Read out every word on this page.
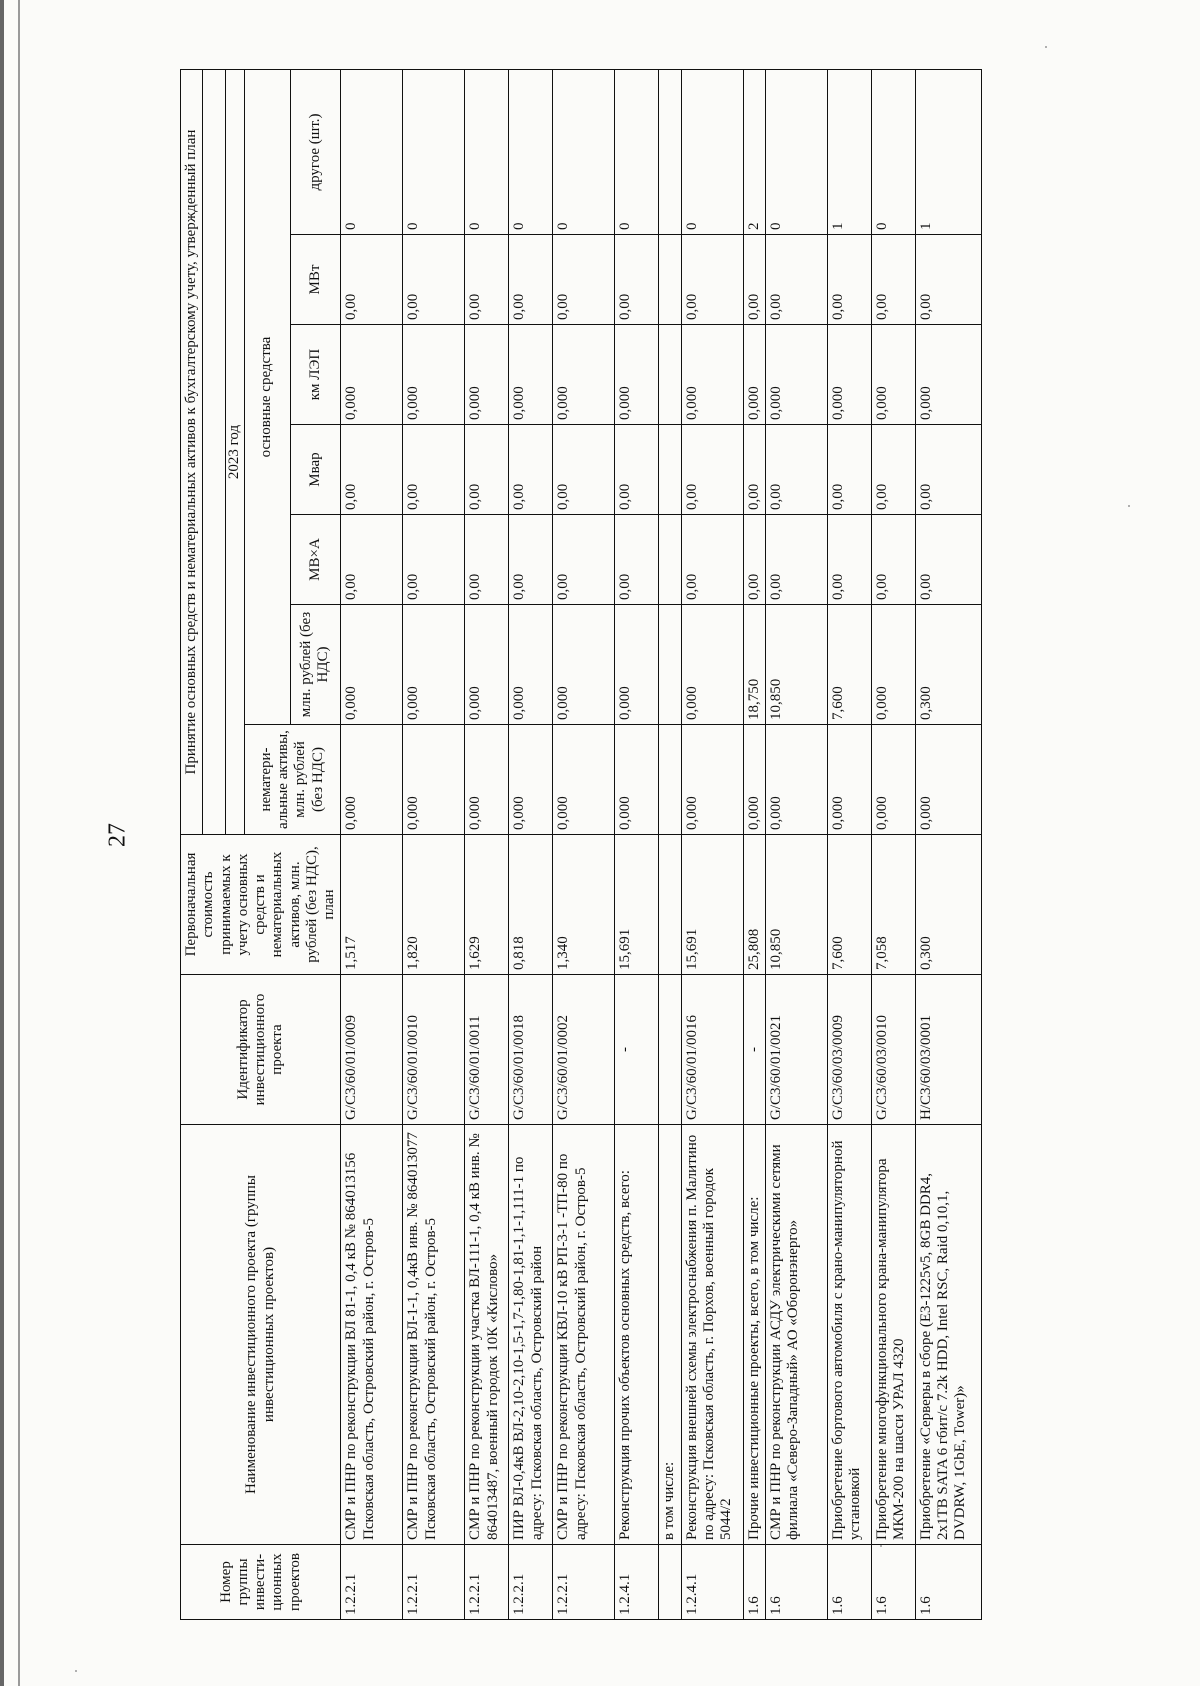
27
Номер группы инвести-ционных проектов	Наименование инвестиционного проекта (группы инвестиционных проектов)	Идентификатор инвестиционного проекта	Первоначальная стоимость принимаемых к учету основных средств и нематериальных активов, млн. рублей (без НДС), план	Принятие основных средств и нематериальных активов к бухгалтерскому учету, утвержденный план						

				2023 год						
				нематери-альные активы, млн. рублей (без НДС)	основные средства					
					млн. рублей (без НДС)	МВ×А	Мвар	км ЛЭП	МВт	другое (шт.)
1.2.2.1	СМР и ПНР по реконструкции ВЛ 81-1, 0,4 кВ № 864013156 Псковская область, Островский район, г. Остров-5	G/C3/60/01/0009	1,517	0,000	0,000	0,00	0,00	0,000	0,00	0
1.2.2.1	СМР и ПНР по реконструкции ВЛ-1-1, 0,4кВ инв. № 864013077 Псковская область, Островский район, г. Остров-5	G/C3/60/01/0010	1,820	0,000	0,000	0,00	0,00	0,000	0,00	0
1.2.2.1	СМР и ПНР по реконструкции участка ВЛ-111-1, 0,4 кВ инв. № 864013487, военный городок 10К «Кислово»	G/C3/60/01/0011	1,629	0,000	0,000	0,00	0,00	0,000	0,00	0
1.2.2.1	ПИР ВЛ-0,4кВ ВЛ-2,10-2,10-1,5-1,7-1,80-1,81-1,1-1,111-1 по адресу: Псковская область, Островский район	G/C3/60/01/0018	0,818	0,000	0,000	0,00	0,00	0,000	0,00	0
1.2.2.1	СМР и ПНР по реконструкции КВЛ-10 кВ РП-3-1 -ТП-80 по адресу: Псковская область, Островский район, г. Остров-5	G/C3/60/01/0002	1,340	0,000	0,000	0,00	0,00	0,000	0,00	0
1.2.4.1	Реконструкция прочих объектов основных средств, всего:	-	15,691	0,000	0,000	0,00	0,00	0,000	0,00	0
	в том числе:									
1.2.4.1	Реконструкция внешней схемы электроснабжения п. Малитино по адресу: Псковская область, г. Порхов, военный городок 5044/2	G/C3/60/01/0016	15,691	0,000	0,000	0,00	0,00	0,000	0,00	0
1.6	Прочие инвестиционные проекты, всего, в том числе:	-	25,808	0,000	18,750	0,00	0,00	0,000	0,00	2
1.6	СМР и ПНР по реконструкции АСДУ электрическими сетями филиала «Северо-Западный» АО «Оборонэнерго»	G/C3/60/01/0021	10,850	0,000	10,850	0,00	0,00	0,000	0,00	0
1.6	Приобретение бортового автомобиля с крано-манипуляторной установкой	G/C3/60/03/0009	7,600	0,000	7,600	0,00	0,00	0,000	0,00	1
1.6	Приобретение многофункционального крана-манипулятора МКМ-200 на шасси УРАЛ 4320	G/C3/60/03/0010	7,058	0,000	0,000	0,00	0,00	0,000	0,00	0
1.6	Приобретение «Серверы в сборе (E3-1225v5, 8GB DDR4, 2x1TB SATA 6 гбит/с 7.2k HDD, Intel RSC, Raid 0,10,1, DVDRW, 1GbE, Tower)»	H/C3/60/03/0001	0,300	0,000	0,300	0,00	0,00	0,000	0,00	1
